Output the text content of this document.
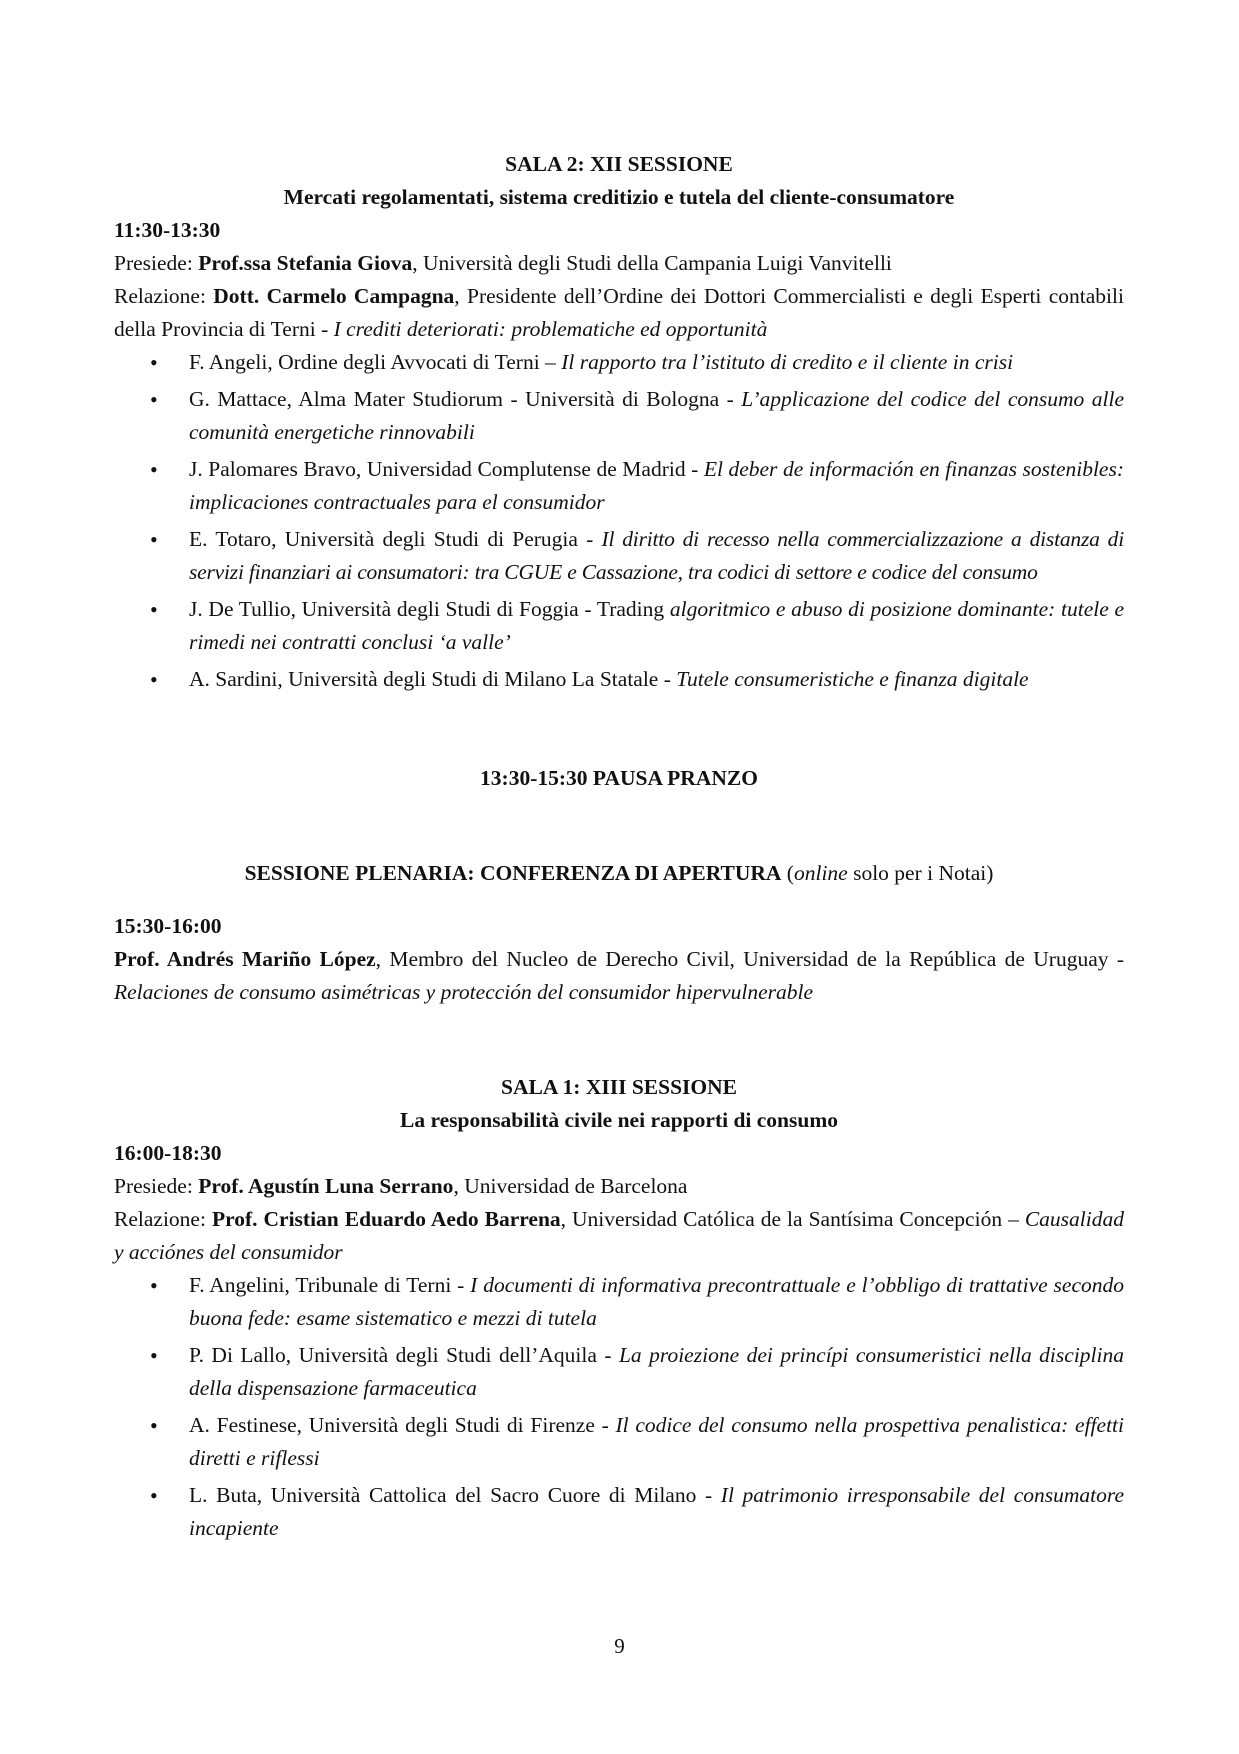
SALA 2: XII SESSIONE

Mercati regolamentati, sistema creditizio e tutela del cliente-consumatore

11:30-13:30

Presiede: Prof.ssa Stefania Giova, Università degli Studi della Campania Luigi Vanvitelli

Relazione: Dott. Carmelo Campagna, Presidente dell’Ordine dei Dottori Commercialisti e degli Esperti contabili della Provincia di Terni - I crediti deteriorati: problematiche ed opportunità

• F. Angeli, Ordine degli Avvocati di Terni – Il rapporto tra l’istituto di credito e il cliente in crisi
• G. Mattace, Alma Mater Studiorum - Università di Bologna - L’applicazione del codice del consumo alle comunità energetiche rinnovabili
• J. Palomares Bravo, Universidad Complutense de Madrid - El deber de información en finanzas sostenibles: implicaciones contractuales para el consumidor
• E. Totaro, Università degli Studi di Perugia - Il diritto di recesso nella commercializzazione a distanza di servizi finanziari ai consumatori: tra CGUE e Cassazione, tra codici di settore e codice del consumo
• J. De Tullio, Università degli Studi di Foggia - Trading algoritmico e abuso di posizione dominante: tutele e rimedi nei contratti conclusi ‘a valle’
• A. Sardini, Università degli Studi di Milano La Statale - Tutele consumeristiche e finanza digitale

13:30-15:30 PAUSA PRANZO

SESSIONE PLENARIA: CONFERENZA DI APERTURA (online solo per i Notai)

15:30-16:00

Prof. Andrés Mariño López, Membro del Nucleo de Derecho Civil, Universidad de la República de Uruguay - Relaciones de consumo asimétricas y protección del consumidor hipervulnerable

SALA 1: XIII SESSIONE

La responsabilità civile nei rapporti di consumo

16:00-18:30

Presiede: Prof. Agustín Luna Serrano, Universidad de Barcelona

Relazione: Prof. Cristian Eduardo Aedo Barrena, Universidad Católica de la Santísima Concepción – Causalidad y acciónes del consumidor

• F. Angelini, Tribunale di Terni - I documenti di informativa precontrattuale e l’obbligo di trattative secondo buona fede: esame sistematico e mezzi di tutela
• P. Di Lallo, Università degli Studi dell’Aquila - La proiezione dei princípi consumeristici nella disciplina della dispensazione farmaceutica
• A. Festinese, Università degli Studi di Firenze - Il codice del consumo nella prospettiva penalistica: effetti diretti e riflessi
• L. Buta, Università Cattolica del Sacro Cuore di Milano - Il patrimonio irresponsabile del consumatore incapiente
9
